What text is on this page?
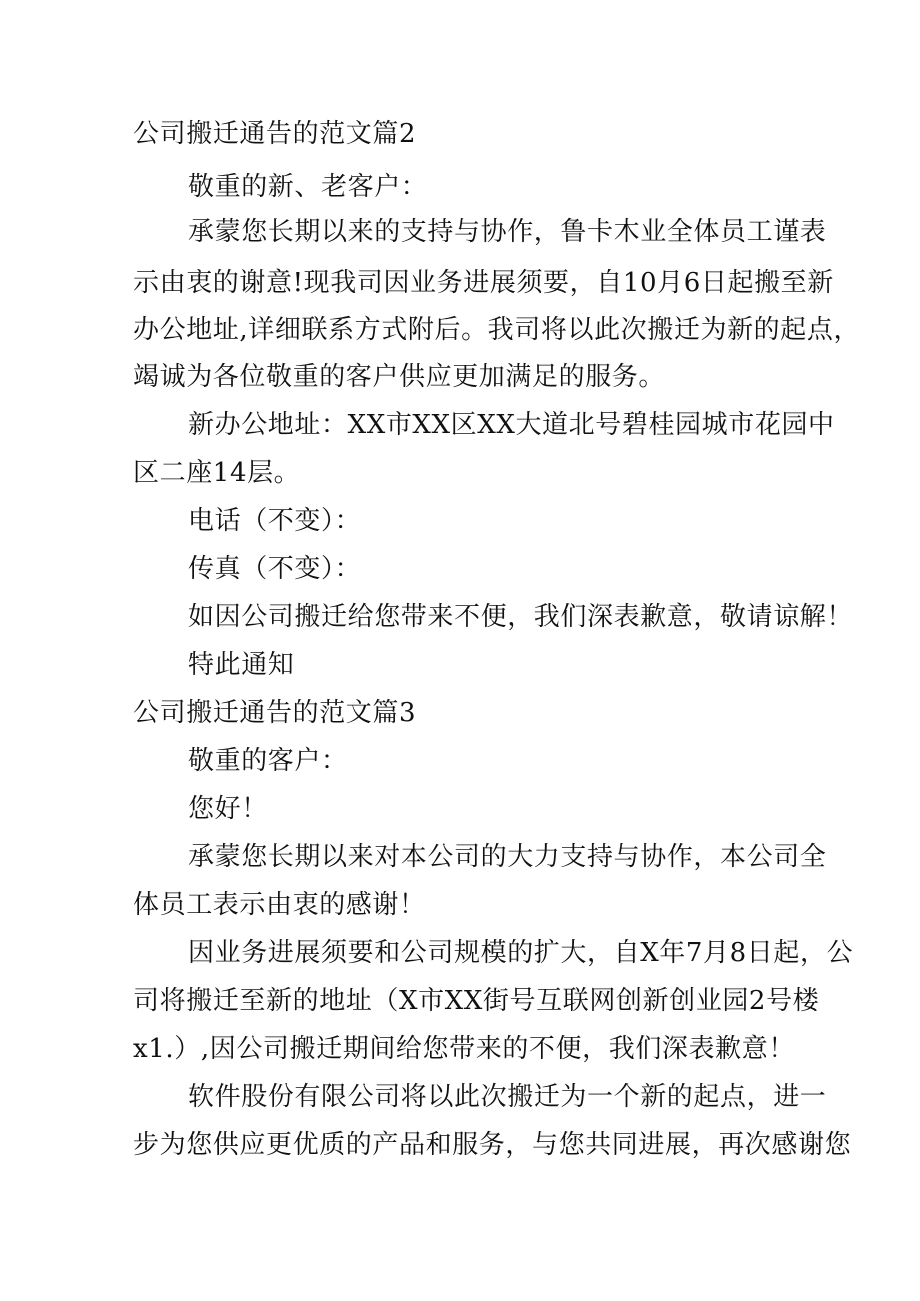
公司搬迁通告的范文篇2
敬重的新、老客户：
承蒙您长期以来的支持与协作，鲁卡木业全体员工谨表
示由衷的谢意!现我司因业务进展须要，自10月6日起搬至新
办公地址,详细联系方式附后。我司将以此次搬迁为新的起点，
竭诚为各位敬重的客户供应更加满足的服务。
新办公地址：XX市XX区XX大道北号碧桂园城市花园中
区二座14层。
电话（不变）：
传真（不变）：
如因公司搬迁给您带来不便，我们深表歉意，敬请谅解！
特此通知
公司搬迁通告的范文篇3
敬重的客户：
您好！
承蒙您长期以来对本公司的大力支持与协作，本公司全
体员工表示由衷的感谢！
因业务进展须要和公司规模的扩大，自X年7月8日起，公
司将搬迁至新的地址（X市XX街号互联网创新创业园2号楼
x1.）,因公司搬迁期间给您带来的不便，我们深表歉意！
软件股份有限公司将以此次搬迁为一个新的起点，进一
步为您供应更优质的产品和服务，与您共同进展，再次感谢您
